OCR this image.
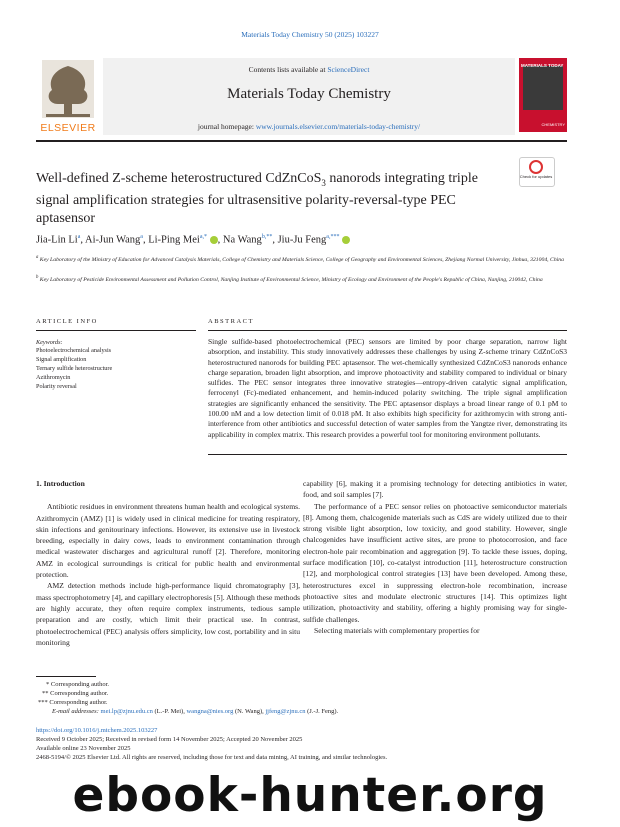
Materials Today Chemistry 50 (2025) 103227
Contents lists available at ScienceDirect
Materials Today Chemistry
journal homepage: www.journals.elsevier.com/materials-today-chemistry/
ELSEVIER
MATERIALS TODAY
CHEMISTRY
Check for updates
Well-defined Z-scheme heterostructured CdZnCoS$_3$ nanorods integrating triple signal amplification strategies for ultrasensitive polarity-reversal-type PEC aptasensor
Jia-Lin Li$^a$, Ai-Jun Wang$^a$, Li-Ping Mei$^{a,*}$ , Na Wang$^{b,**}$, Jiu-Ju Feng$^{a,***}$
$^a$ Key Laboratory of the Ministry of Education for Advanced Catalysis Materials, College of Chemistry and Materials Science, College of Geography and Environmental Sciences, Zhejiang Normal University, Jinhua, 321004, China
$^b$ Key Laboratory of Pesticide Environmental Assessment and Pollution Control, Nanjing Institute of Environmental Science, Ministry of Ecology and Environment of the People's Republic of China, Nanjing, 210042, China
ARTICLE INFO	ABSTRACT
Keywords:
Photoelectrochemical analysis
Signal amplification
Ternary sulfide heterostructure
Azithromycin
Polarity reversal
Single sulfide-based photoelectrochemical (PEC) sensors are limited by poor charge separation, narrow light absorption, and instability. This study innovatively addresses these challenges by using Z-scheme trinary CdZnCoS3 heterostructured nanorods for building PEC aptasensor. The wet-chemically synthesized CdZnCoS3 nanorods enhance charge separation, broaden light absorption, and improve photoactivity and stability compared to individual or binary sulfides. The PEC sensor integrates three innovative strategies—entropy-driven catalytic signal amplification, ferrocenyl (Fc)-mediated enhancement, and hemin-induced polarity switching. The triple signal amplification strategies are significantly enhanced the sensitivity. The PEC aptasensor displays a broad linear range of 0.1 pM to 100.00 nM and a low detection limit of 0.018 pM. It also exhibits high specificity for azithromycin with strong anti-interference from other antibiotics and successful detection of water samples from the Yangtze river, demonstrating its applicability in complex matrix. This research provides a powerful tool for monitoring environment pollutants.

1. Introduction

Antibiotic residues in environment threatens human health and ecological systems. Azithromycin (AMZ) [1] is widely used in clinical medicine for treating respiratory, skin infections and genitourinary infections. However, its extensive use in livestock breeding, especially in dairy cows, leads to environment contamination through medical wastewater discharges and agricultural runoff [2]. Therefore, monitoring AMZ in ecological surroundings is critical for public health and environmental protection.

AMZ detection methods include high-performance liquid chromatography [3], mass spectrophotometry [4], and capillary electrophoresis [5]. Although these methods are highly accurate, they often require complex instruments, tedious sample preparation and are costly, which limit their practical use. In contrast, photoelectrochemical (PEC) analysis offers simplicity, low cost, portability and in situ monitoring

capability [6], making it a promising technology for detecting antibiotics in water, food, and soil samples [7].

The performance of a PEC sensor relies on photoactive semiconductor materials [8]. Among them, chalcogenide materials such as CdS are widely utilized due to their strong visible light absorption, low toxicity, and good stability. However, single chalcogenides have insufficient active sites, are prone to photocorrosion, and face electron-hole pair recombination and aggregation [9]. To tackle these issues, doping, surface modification [10], co-catalyst introduction [11], heterostructure construction [12], and morphological control strategies [13] have been developed. Among these, heterostructures excel in suppressing electron-hole recombination, increase photoactive sites and modulate electronic structures [14]. This optimizes light utilization, photoactivity and stability, offering a highly promising way for single-sulfide challenges.

Selecting materials with complementary properties for

* Corresponding author.
** Corresponding author.
*** Corresponding author.
E-mail addresses: mei.lp@zjnu.edu.cn (L.-P. Mei), wangna@nies.org (N. Wang), jjfeng@zjnu.cn (J.-J. Feng).
https://doi.org/10.1016/j.mtchem.2025.103227
Received 9 October 2025; Received in revised form 14 November 2025; Accepted 20 November 2025
Available online 23 November 2025
2468-5194/© 2025 Elsevier Ltd. All rights are reserved, including those for text and data mining, AI training, and similar technologies.
ebook-hunter.org
